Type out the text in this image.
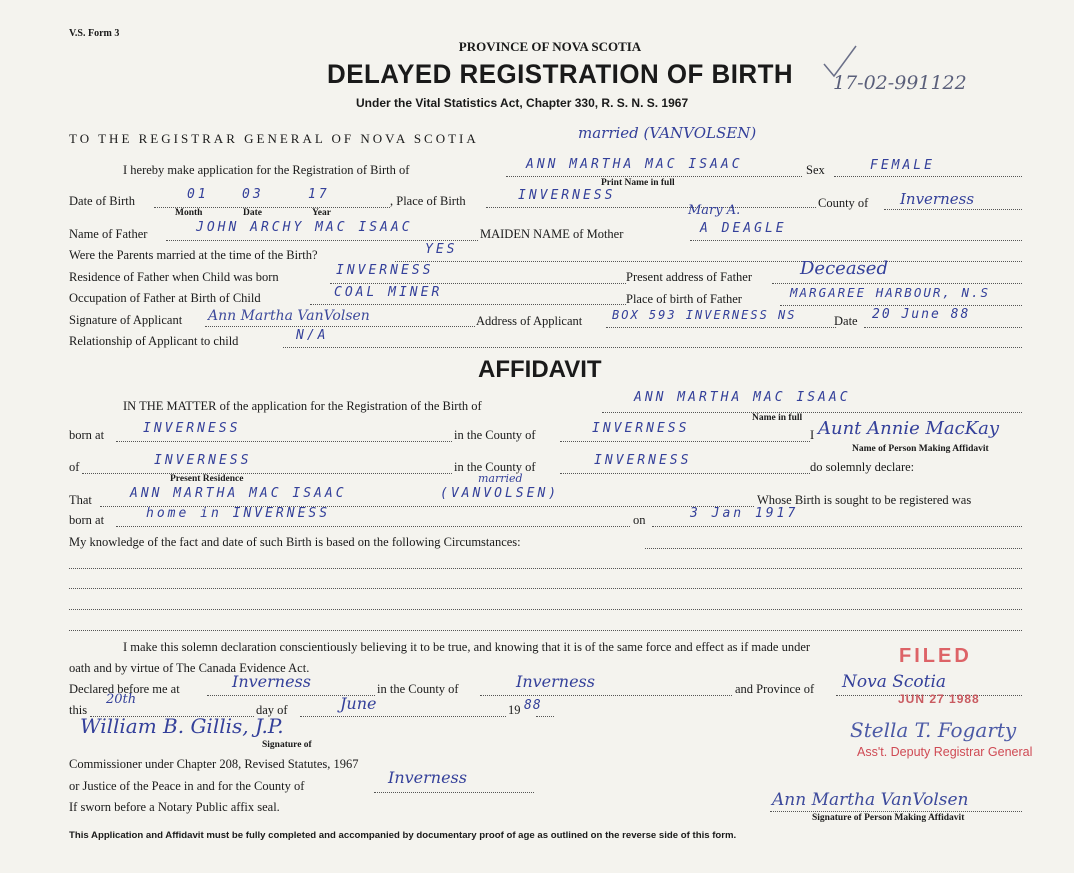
V.S. Form 3
PROVINCE OF NOVA SCOTIA
DELAYED REGISTRATION OF BIRTH
Under the Vital Statistics Act, Chapter 330, R. S. N. S. 1967
17-02-991122
TO THE REGISTRAR GENERAL OF NOVA SCOTIA	married (VANVOLSEN)
I hereby make application for the Registration of Birth of	ANN MARTHA MAC ISAAC
Print Name in full
Sex	FEMALE
Date of Birth	01	03	17
Month	Date	Year
, Place of Birth	INVERNESS	County of Inverness
Name of Father	JOHN ARCHY MAC ISAAC	MAIDEN NAME of Mother	A DEAGLE
Mary A.
Were the Parents married at the time of the Birth?	YES
Residence of Father when Child was born	INVERNESS	Present address of Father	Deceased
Occupation of Father at Birth of Child	COAL MINER	Place of birth of Father	MARGAREE HARBOUR, N.S
Signature of Applicant Ann Martha VanVolsen	Address of Applicant BOX 593 INVERNESS NS	Date 20 June 88
Relationship of Applicant to child	N/A
AFFIDAVIT
IN THE MATTER of the application for the Registration of the Birth of
ANN MARTHA MAC ISAAC
Name in full
born at	INVERNESS	in the County of	INVERNESS	I Aunt Annie MacKay
Name of Person Making Affidavit
of	INVERNESS
Present Residence
in the County of	INVERNESS	do solemnly declare:
That	ANN MARTHA MAC ISAAC	(VANVOLSEN)
married
Whose Birth is sought to be registered was
born at	home in INVERNESS	on	3 Jan 1917
My knowledge of the fact and date of such Birth is based on the following Circumstances:
I make this solemn declaration conscientiously believing it to be true, and knowing that it is of the same force and effect as if made under
oath and by virtue of The Canada Evidence Act.
Declared before me at	Inverness	in the County of	Inverness	and Province of Nova Scotia
this
20th
day of	June	19 88
William B. Gillis, J.P.
Signature of
Commissioner under Chapter 208, Revised Statutes, 1967
or Justice of the Peace in and for the County of	Inverness
If sworn before a Notary Public affix seal.
FILED
JUN 27 1988
Stella T. Fogarty
Ass't. Deputy Registrar General
Ann Martha VanVolsen
Signature of Person Making Affidavit
This Application and Affidavit must be fully completed and accompanied by documentary proof of age as outlined on the reverse side of this form.
